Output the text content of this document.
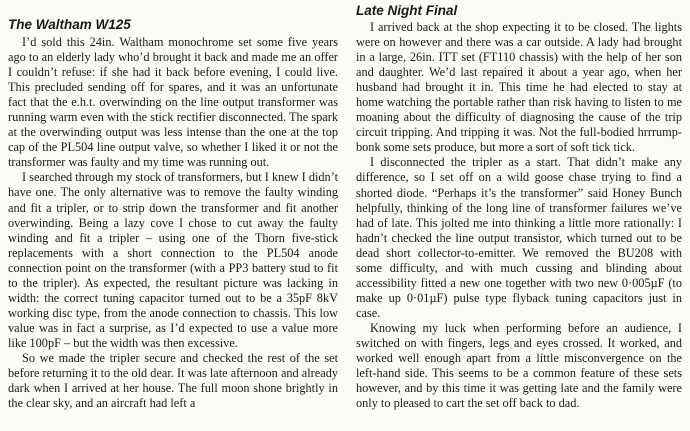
The Waltham W125

I’d sold this 24in. Waltham monochrome set some five years ago to an elderly lady who’d brought it back and made me an offer I couldn’t refuse: if she had it back before evening, I could live. This precluded sending off for spares, and it was an unfortunate fact that the e.h.t. overwinding on the line output transformer was running warm even with the stick rectifier disconnected. The spark at the overwinding output was less intense than the one at the top cap of the PL504 line output valve, so whether I liked it or not the transformer was faulty and my time was running out.

I searched through my stock of transformers, but I knew I didn’t have one. The only alternative was to remove the faulty winding and fit a tripler, or to strip down the transformer and fit another overwinding. Being a lazy cove I chose to cut away the faulty winding and fit a tripler – using one of the Thorn five-stick replacements with a short connection to the PL504 anode connection point on the transformer (with a PP3 battery stud to fit to the tripler). As expected, the resultant picture was lacking in width: the correct tuning capacitor turned out to be a 35pF 8kV working disc type, from the anode connection to chassis. This low value was in fact a surprise, as I’d expected to use a value more like 100pF – but the width was then excessive.

So we made the tripler secure and checked the rest of the set before returning it to the old dear. It was late afternoon and already dark when I arrived at her house. The full moon shone brightly in the clear sky, and an aircraft had left a

Late Night Final

I arrived back at the shop expecting it to be closed. The lights were on however and there was a car outside. A lady had brought in a large, 26in. ITT set (FT110 chassis) with the help of her son and daughter. We’d last repaired it about a year ago, when her husband had brought it in. This time he had elected to stay at home watching the portable rather than risk having to listen to me moaning about the difficulty of diagnosing the cause of the trip circuit tripping. And tripping it was. Not the full-bodied hrrrump-bonk some sets produce, but more a sort of soft tick tick.

I disconnected the tripler as a start. That didn’t make any difference, so I set off on a wild goose chase trying to find a shorted diode. “Perhaps it’s the transformer” said Honey Bunch helpfully, thinking of the long line of transformer failures we’ve had of late. This jolted me into thinking a little more rationally: I hadn’t checked the line output transistor, which turned out to be dead short collector-to-emitter. We removed the BU208 with some difficulty, and with much cussing and blinding about accessibility fitted a new one together with two new 0·005µF (to make up 0·01µF) pulse type flyback tuning capacitors just in case.

Knowing my luck when performing before an audience, I switched on with fingers, legs and eyes crossed. It worked, and worked well enough apart from a little misconvergence on the left-hand side. This seems to be a common feature of these sets however, and by this time it was getting late and the family were only to pleased to cart the set off back to dad.
